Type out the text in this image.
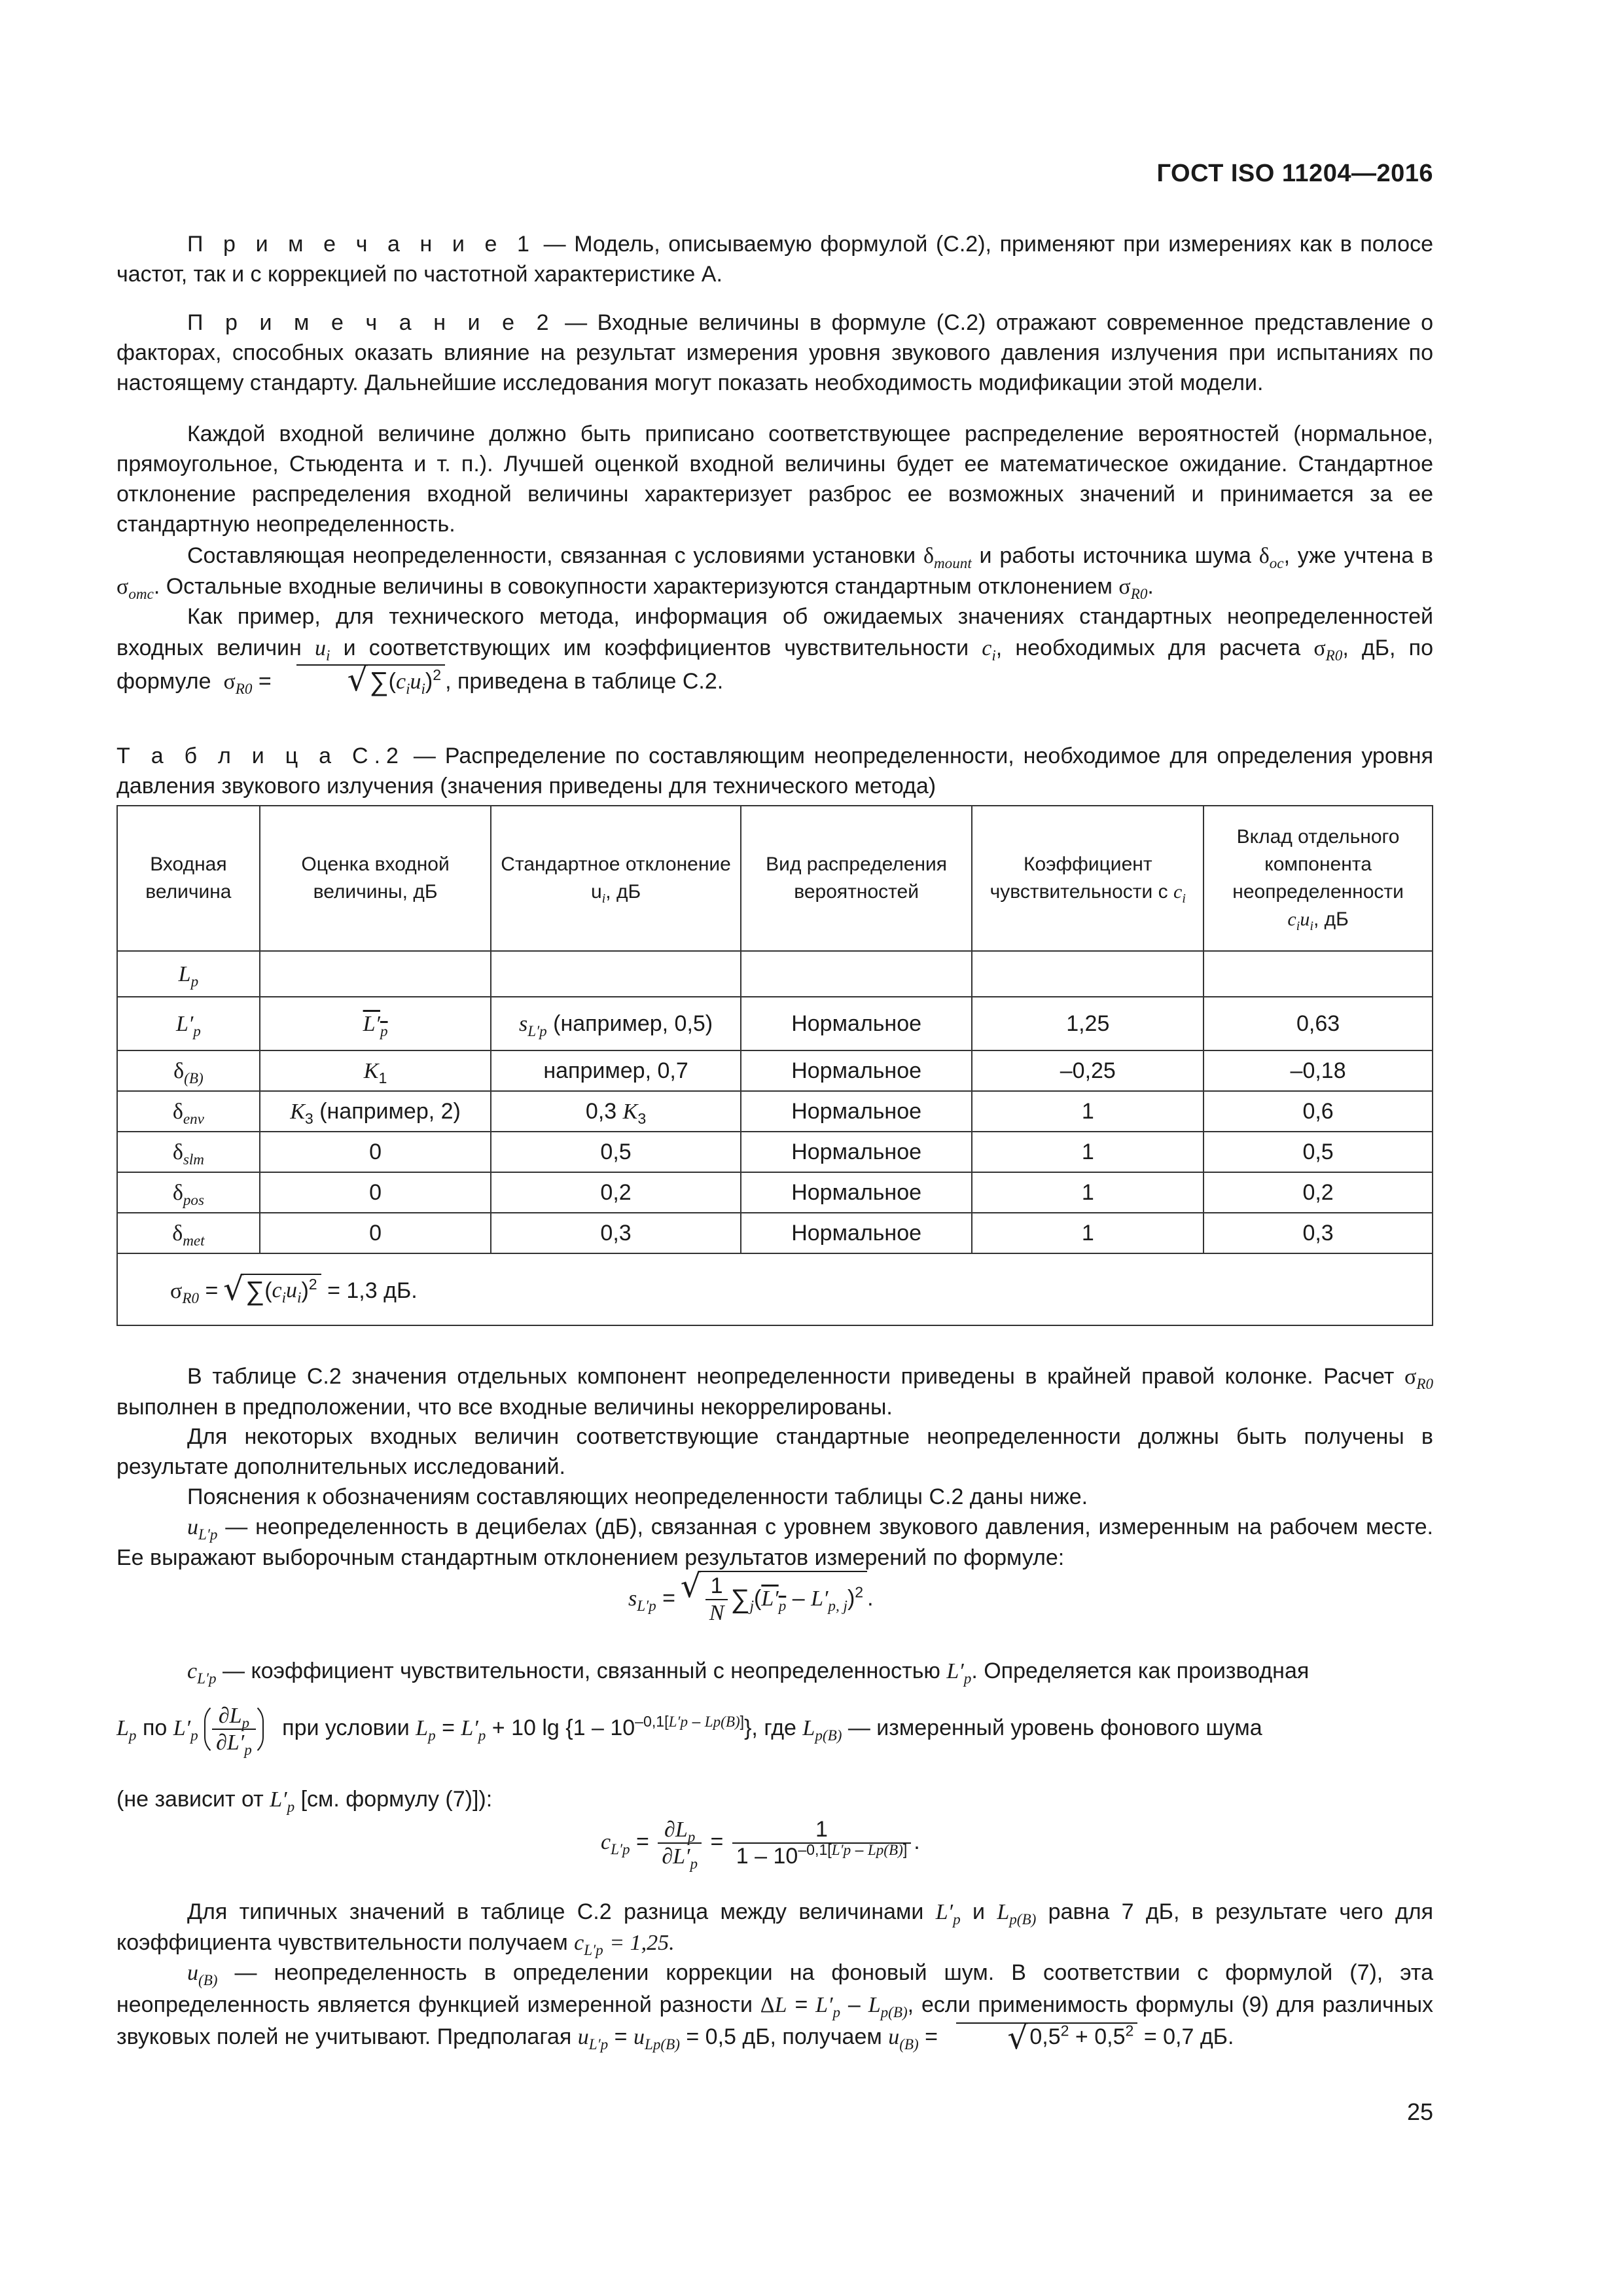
ГОСТ ISO 11204—2016
П р и м е ч а н и е 1 — Модель, описываемую формулой (С.2), применяют при измерениях как в полосе частот, так и с коррекцией по частотной характеристике А.
П р и м е ч а н и е 2 — Входные величины в формуле (С.2) отражают современное представление о факторах, способных оказать влияние на результат измерения уровня звукового давления излучения при испытаниях по настоящему стандарту. Дальнейшие исследования могут показать необходимость модификации этой модели.
Каждой входной величине должно быть приписано соответствующее распределение вероятностей (нормальное, прямоугольное, Стьюдента и т. п.). Лучшей оценкой входной величины будет ее математическое ожидание. Стандартное отклонение распределения входной величины характеризует разброс ее возможных значений и принимается за ее стандартную неопределенность.
Составляющая неопределенности, связанная с условиями установки $\delta_{mount}$ и работы источника шума $\delta_{oc}$, уже учтена в $\sigma_{omc}$. Остальные входные величины в совокупности характеризуются стандартным отклонением $\sigma_{R0}$.
Как пример, для технического метода, информация об ожидаемых значениях стандартных неопределенностей входных величин $u_i$ и соответствующих им коэффициентов чувствительности $c_i$, необходимых для расчета $\sigma_{R0}$, дБ, по формуле $\sigma_{R0}$ =	√ $\sum(c_iu_i)^2$ , приведена в таблице С.2.
Т а б л и ц а С.2 — Распределение по составляющим неопределенности, необходимое для определения уровня давления звукового излучения (значения приведены для технического метода)
Входная величина	Оценка входной величины, дБ	Стандартное отклонение $u_i$, дБ	Вид распределения вероятностей	Коэффициент чувствительности c $c_i$	Вклад отдельного компонента неопределенности
$c_iu_i$, дБ
$L_p$					
$L'_p$	$L'_p$	$s_{L'p}$ (например, 0,5)	Нормальное	1,25	0,63
$\delta_{(B)}$	$K_1$	например, 0,7	Нормальное	–0,25	–0,18
$\delta_{env}$	$K_3$ (например, 2)	0,3 $K_3$	Нормальное	1	0,6
$\delta_{slm}$	0	0,5	Нормальное	1	0,5
$\delta_{pos}$	0	0,2	Нормальное	1	0,2
$\delta_{met}$	0	0,3	Нормальное	1	0,3
$\sigma_{R0}$ =    √ $\sum(c_iu_i)^2 = 1,3$ дБ.
В таблице С.2 значения отдельных компонент неопределенности приведены в крайней правой колонке. Расчет $\sigma_{R0}$ выполнен в предположении, что все входные величины некоррелированы.
Для некоторых входных величин соответствующие стандартные неопределенности должны быть получены в результате дополнительных исследований.
Пояснения к обозначениям составляющих неопределенности таблицы С.2 даны ниже.
$u_{L'p}$ — неопределенность в децибелах (дБ), связанная с уровнем звукового давления, измеренным на рабочем месте. Ее выражают выборочным стандартным отклонением результатов измерений по формуле:
$s_{L'p}$ = √ $\frac{1}{N} \sum_j(L'_p - L'_{p, j})^2$ .
$c_{L'p}$ — коэффициент чувствительности, связанный с неопределенностью $L'_p$. Определяется как производная
$L_p$ по $L'_p \frac{\partial L_p}{\partial L'_p}$ при условии $L_p = L'_p + 10$ $\lg \{1 - 10^{-0,1[L'p - Lp(B)]}\}$, где $L_{p(B)}$ — измеренный уровень фонового шума
(не зависит от $L'_p$ [см. формулу (7)]):
$c_{L'p} = \frac{\partial L_p}{\partial L'_p} = \frac{1}{1 - 10^{-0,1[L'p - Lp(B)]}}$ .
Для типичных значений в таблице С.2 разница между величинами $L'_p$ и $L_{p(B)}$ равна 7 дБ, в результате чего для коэффициента чувствительности получаем $c_{L'p} = 1,25$.
$u_{(B)}$ — неопределенность в определении коррекции на фоновый шум. В соответствии с формулой (7), эта неопределенность является функцией измеренной разности $\Delta L = L'_p - L_{p(B)}$, если применимость формулы (9) для различных звуковых полей не учитывают. Предполагая $u_{L'p} = u_{Lp(B)} = 0,5$ дБ, получаем $u_{(B)}$ =	√ $0,5^2 + 0,5^2 = 0,7$ дБ.
25
